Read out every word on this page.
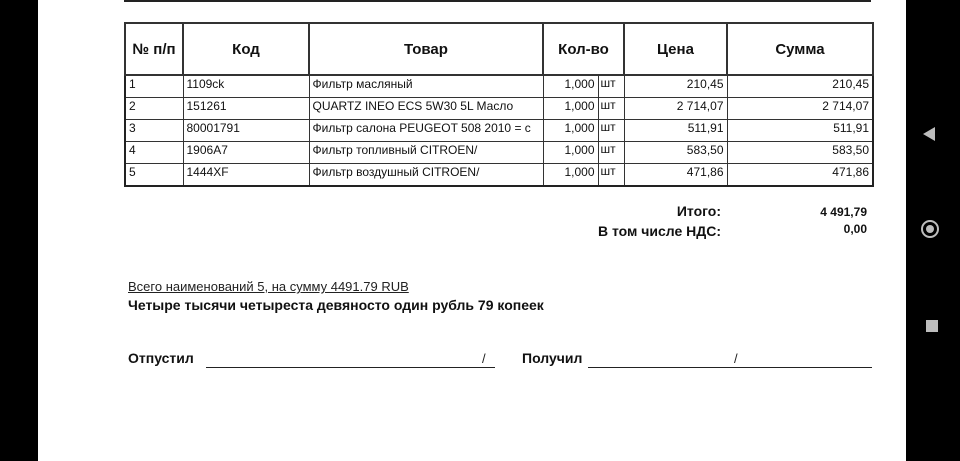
№ п/п	Код	Товар	Кол-во		Цена	Сумма
1	1109ck	Фильтр масляный	1,000	шт	210,45	210,45
2	151261	QUARTZ INEO ECS 5W30 5L Масло	1,000	шт	2 714,07	2 714,07
3	80001791	Фильтр салона PEUGEOT 508 2010 = с	1,000	шт	511,91	511,91
4	1906A7	Фильтр топливный CITROEN/	1,000	шт	583,50	583,50
5	1444XF	Фильтр воздушный CITROEN/	1,000	шт	471,86	471,86
Итого:	4 491,79
В том числе НДС:	0,00
Всего наименований 5, на сумму 4491.79 RUB
Четыре тысячи четыреста девяносто один рубль 79 копеек
Отпустил	/	Получил	/
